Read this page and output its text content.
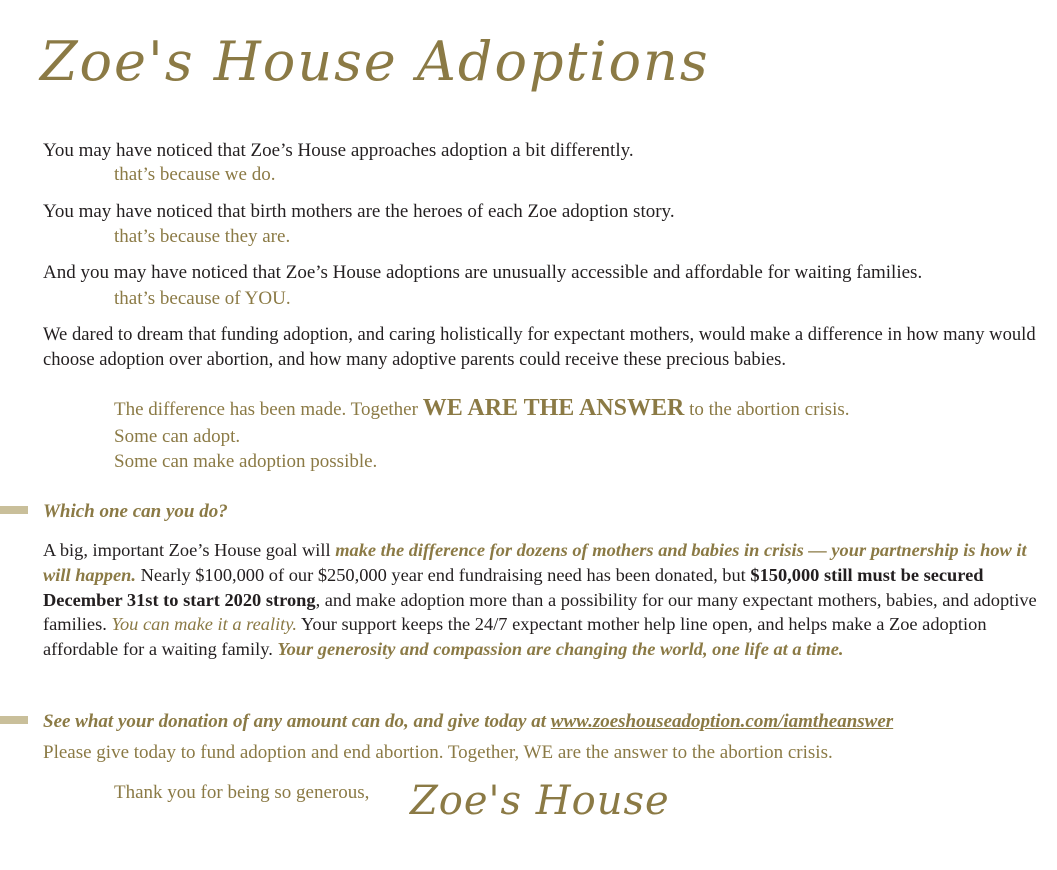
Zoe's House Adoptions

You may have noticed that Zoe’s House approaches adoption a bit differently.

that’s because we do.

You may have noticed that birth mothers are the heroes of each Zoe adoption story.

that’s because they are.

And you may have noticed that Zoe’s House adoptions are unusually accessible and affordable for waiting families.

that’s because of YOU.

We dared to dream that funding adoption, and caring holistically for expectant mothers, would make a difference in how many would choose adoption over abortion, and how many adoptive parents could receive these precious babies.

The difference has been made. Together WE ARE THE ANSWER to the abortion crisis.

Some can adopt.

Some can make adoption possible.

Which one can you do?

A big, important Zoe’s House goal will make the difference for dozens of mothers and babies in crisis — your partnership is how it will happen. Nearly $100,000 of our $250,000 year end fundraising need has been donated, but $150,000 still must be secured December 31st to start 2020 strong, and make adoption more than a possibility for our many expectant mothers, babies, and adoptive families. You can make it a reality. Your support keeps the 24/7 expectant mother help line open, and helps make a Zoe adoption affordable for a waiting family. Your generosity and compassion are changing the world, one life at a time.

See what your donation of any amount can do, and give today at www.zoeshouseadoption.com/iamtheanswer

Please give today to fund adoption and end abortion. Together, WE are the answer to the abortion crisis.

Thank you for being so generous, Zoe's House
